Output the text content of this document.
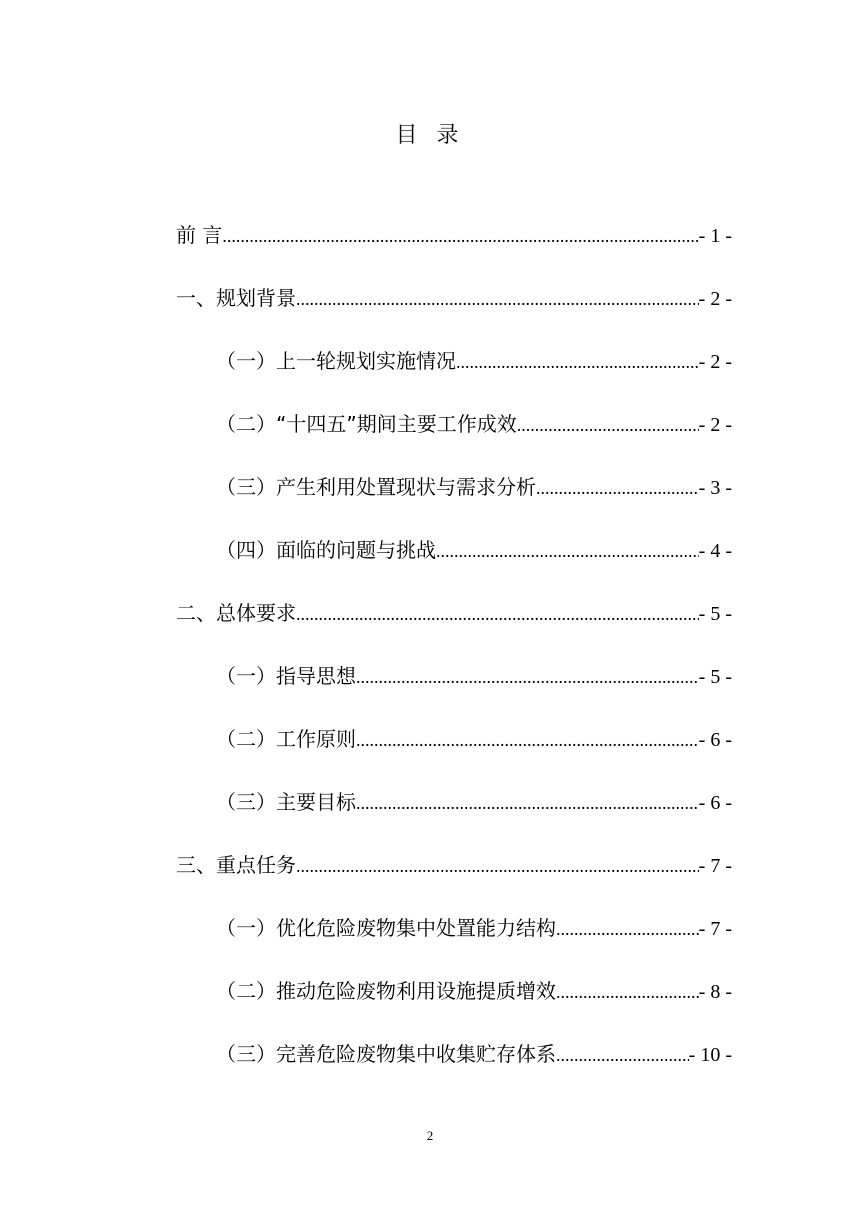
目 录
前 言 .....	- 1 -
一、规划背景 .....	- 2 -
（一）上一轮规划实施情况 .....	- 2 -
（二）“十四五”期间主要工作成效 .....	- 2 -
（三）产生利用处置现状与需求分析 .....	- 3 -
（四）面临的问题与挑战 .....	- 4 -
二、总体要求 .....	- 5 -
（一）指导思想 .....	- 5 -
（二）工作原则 .....	- 6 -
（三）主要目标 .....	- 6 -
三、重点任务 .....	- 7 -
（一）优化危险废物集中处置能力结构 .....	- 7 -
（二）推动危险废物利用设施提质增效 .....	- 8 -
（三）完善危险废物集中收集贮存体系 .....	- 10 -
2
